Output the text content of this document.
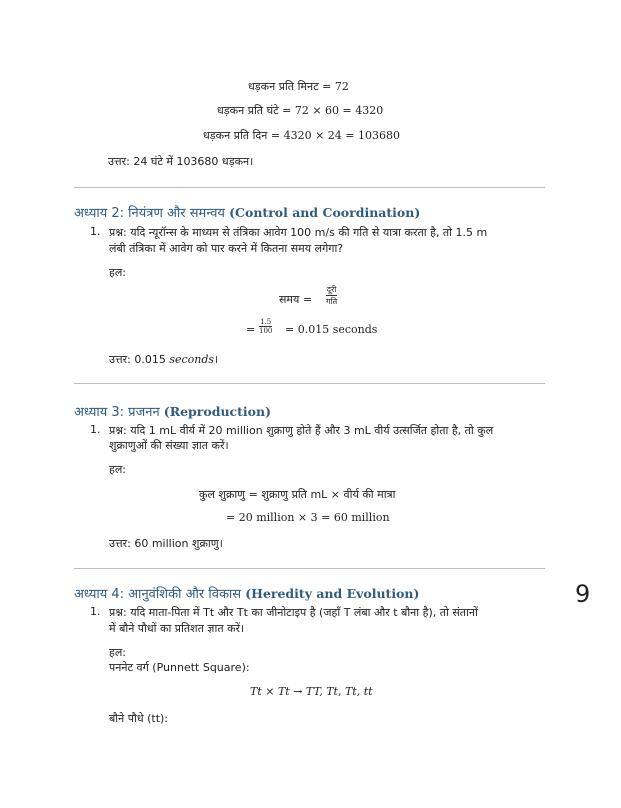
धड़कन प्रति मिनट = 72
धड़कन प्रति घंटे = 72 × 60 = 4320
धड़कन प्रति दिन = 4320 × 24 = 103680
उत्तर: 24 घंटे में 103680 धड़कन।
अध्याय 2: नियंत्रण और समन्वय (Control and Coordination)
1. प्रश्न: यदि न्यूरॉन्स के माध्यम से तंत्रिका आवेग 100 m/s की गति से यात्रा करता है, तो 1.5 m
लंबी तंत्रिका में आवेग को पार करने में कितना समय लगेगा?
हल:
समय =
दूरी
गति
=
1.5
100 = 0.015 seconds
उत्तर: 0.015 seconds।
अध्याय 3: प्रजनन (Reproduction)
1. प्रश्न: यदि 1 mL वीर्य में 20 million शुक्राणु होते हैं और 3 mL वीर्य उत्सर्जित होता है, तो कुल
शुक्राणुओं की संख्या ज्ञात करें।
हल:
कुल शुक्राणु = शुक्राणु प्रति mL × वीर्य की मात्रा
= 20 million × 3 = 60 million
उत्तर: 60 million शुक्राणु।
अध्याय 4: आनुवंशिकी और विकास (Heredity and Evolution)	9
1. प्रश्न: यदि माता-पिता में Tt और Tt का जीनोटाइप है (जहाँ T लंबा और t बौना है), तो संतानों
में बौने पौधों का प्रतिशत ज्ञात करें।
हल:
पननेट वर्ग (Punnett Square):
Tt × Tt → TT, Tt, Tt, tt
बौने पौधे (tt):
